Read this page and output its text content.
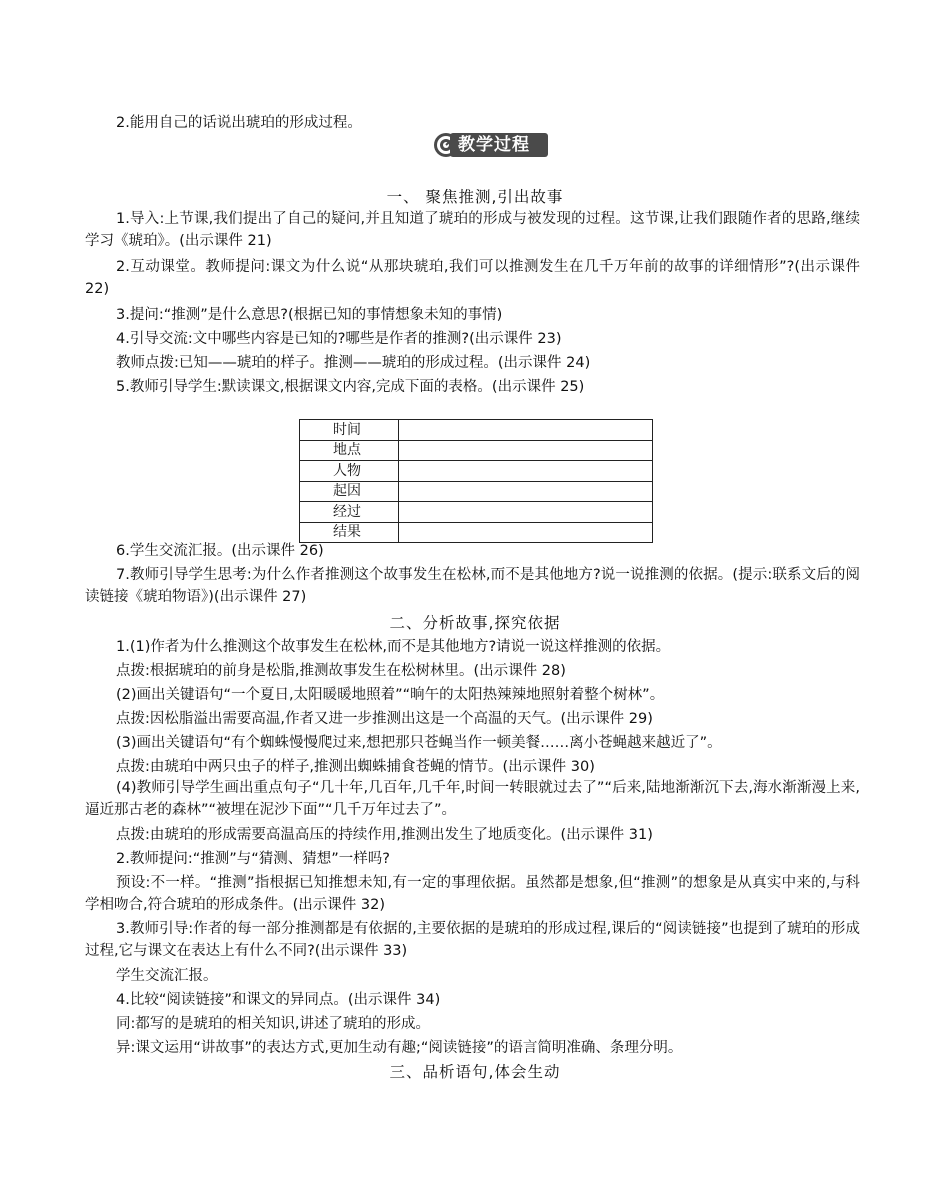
2.能用自己的话说出琥珀的形成过程。
教学过程
一、 聚焦推测,引出故事
1.导入:上节课,我们提出了自己的疑问,并且知道了琥珀的形成与被发现的过程。这节课,让我们跟随作者的思路,继续学习《琥珀》。(出示课件 21)
2.互动课堂。教师提问:课文为什么说“从那块琥珀,我们可以推测发生在几千万年前的故事的详细情形”?(出示课件 22)
3.提问:“推测”是什么意思?(根据已知的事情想象未知的事情)
4.引导交流:文中哪些内容是已知的?哪些是作者的推测?(出示课件 23)
教师点拨:已知——琥珀的样子。推测——琥珀的形成过程。(出示课件 24)
5.教师引导学生:默读课文,根据课文内容,完成下面的表格。(出示课件 25)
时间	
地点	
人物	
起因	
经过	
结果	
6.学生交流汇报。(出示课件 26)
7.教师引导学生思考:为什么作者推测这个故事发生在松林,而不是其他地方?说一说推测的依据。(提示:联系文后的阅读链接《琥珀物语》)(出示课件 27)
二、分析故事,探究依据
1.(1)作者为什么推测这个故事发生在松林,而不是其他地方?请说一说这样推测的依据。
点拨:根据琥珀的前身是松脂,推测故事发生在松树林里。(出示课件 28)
(2)画出关键语句“一个夏日,太阳暖暖地照着”“晌午的太阳热辣辣地照射着整个树林”。
点拨:因松脂溢出需要高温,作者又进一步推测出这是一个高温的天气。(出示课件 29)
(3)画出关键语句“有个蜘蛛慢慢爬过来,想把那只苍蝇当作一顿美餐……离小苍蝇越来越近了”。
点拨:由琥珀中两只虫子的样子,推测出蜘蛛捕食苍蝇的情节。(出示课件 30)
(4)教师引导学生画出重点句子“几十年,几百年,几千年,时间一转眼就过去了”“后来,陆地渐渐沉下去,海水渐渐漫上来,逼近那古老的森林”“被埋在泥沙下面”“几千万年过去了”。
点拨:由琥珀的形成需要高温高压的持续作用,推测出发生了地质变化。(出示课件 31)
2.教师提问:“推测”与“猜测、猜想”一样吗?
预设:不一样。“推测”指根据已知推想未知,有一定的事理依据。虽然都是想象,但“推测”的想象是从真实中来的,与科学相吻合,符合琥珀的形成条件。(出示课件 32)
3.教师引导:作者的每一部分推测都是有依据的,主要依据的是琥珀的形成过程,课后的“阅读链接”也提到了琥珀的形成过程,它与课文在表达上有什么不同?(出示课件 33)
学生交流汇报。
4.比较“阅读链接”和课文的异同点。(出示课件 34)
同:都写的是琥珀的相关知识,讲述了琥珀的形成。
异:课文运用“讲故事”的表达方式,更加生动有趣;“阅读链接”的语言简明准确、条理分明。
三、品析语句,体会生动
